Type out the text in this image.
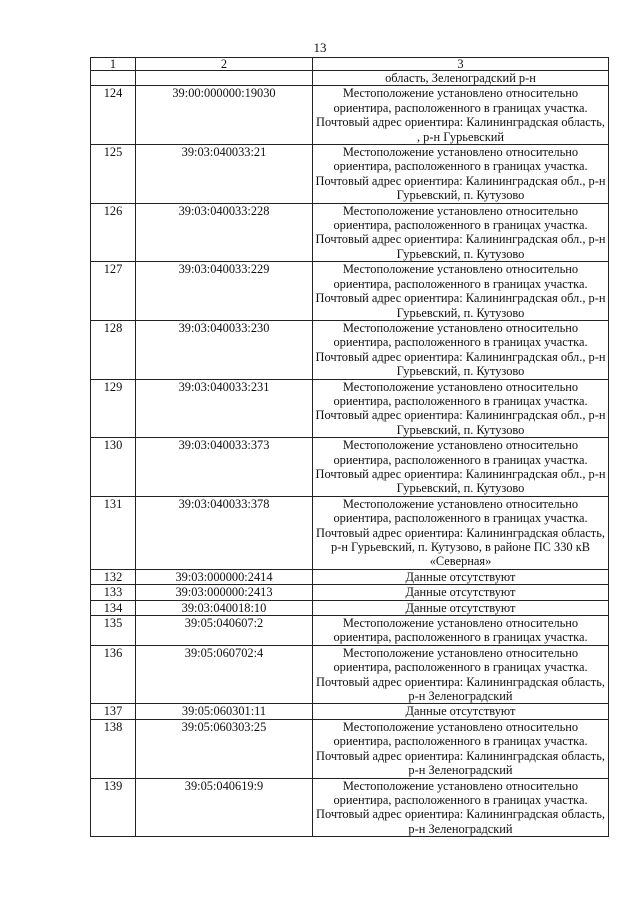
13
1	2	3
		область, Зеленоградский р-н
124	39:00:000000:19030	Местоположение установлено относительно ориентира, расположенного в границах участка. Почтовый адрес ориентира: Калининградская область, , р-н Гурьевский
125	39:03:040033:21	Местоположение установлено относительно ориентира, расположенного в границах участка. Почтовый адрес ориентира: Калининградская обл., р-н Гурьевский, п. Кутузово
126	39:03:040033:228	Местоположение установлено относительно ориентира, расположенного в границах участка. Почтовый адрес ориентира: Калининградская обл., р-н Гурьевский, п. Кутузово
127	39:03:040033:229	Местоположение установлено относительно ориентира, расположенного в границах участка. Почтовый адрес ориентира: Калининградская обл., р-н Гурьевский, п. Кутузово
128	39:03:040033:230	Местоположение установлено относительно ориентира, расположенного в границах участка. Почтовый адрес ориентира: Калининградская обл., р-н Гурьевский, п. Кутузово
129	39:03:040033:231	Местоположение установлено относительно ориентира, расположенного в границах участка. Почтовый адрес ориентира: Калининградская обл., р-н Гурьевский, п. Кутузово
130	39:03:040033:373	Местоположение установлено относительно ориентира, расположенного в границах участка. Почтовый адрес ориентира: Калининградская обл., р-н Гурьевский, п. Кутузово
131	39:03:040033:378	Местоположение установлено относительно ориентира, расположенного в границах участка. Почтовый адрес ориентира: Калининградская область, р-н Гурьевский, п. Кутузово, в районе ПС 330 кВ «Северная»
132	39:03:000000:2414	Данные отсутствуют
133	39:03:000000:2413	Данные отсутствуют
134	39:03:040018:10	Данные отсутствуют
135	39:05:040607:2	Местоположение установлено относительно ориентира, расположенного в границах участка.
136	39:05:060702:4	Местоположение установлено относительно ориентира, расположенного в границах участка. Почтовый адрес ориентира: Калининградская область, р-н Зеленоградский
137	39:05:060301:11	Данные отсутствуют
138	39:05:060303:25	Местоположение установлено относительно ориентира, расположенного в границах участка. Почтовый адрес ориентира: Калининградская область, р-н Зеленоградский
139	39:05:040619:9	Местоположение установлено относительно ориентира, расположенного в границах участка. Почтовый адрес ориентира: Калининградская область, р-н Зеленоградский
